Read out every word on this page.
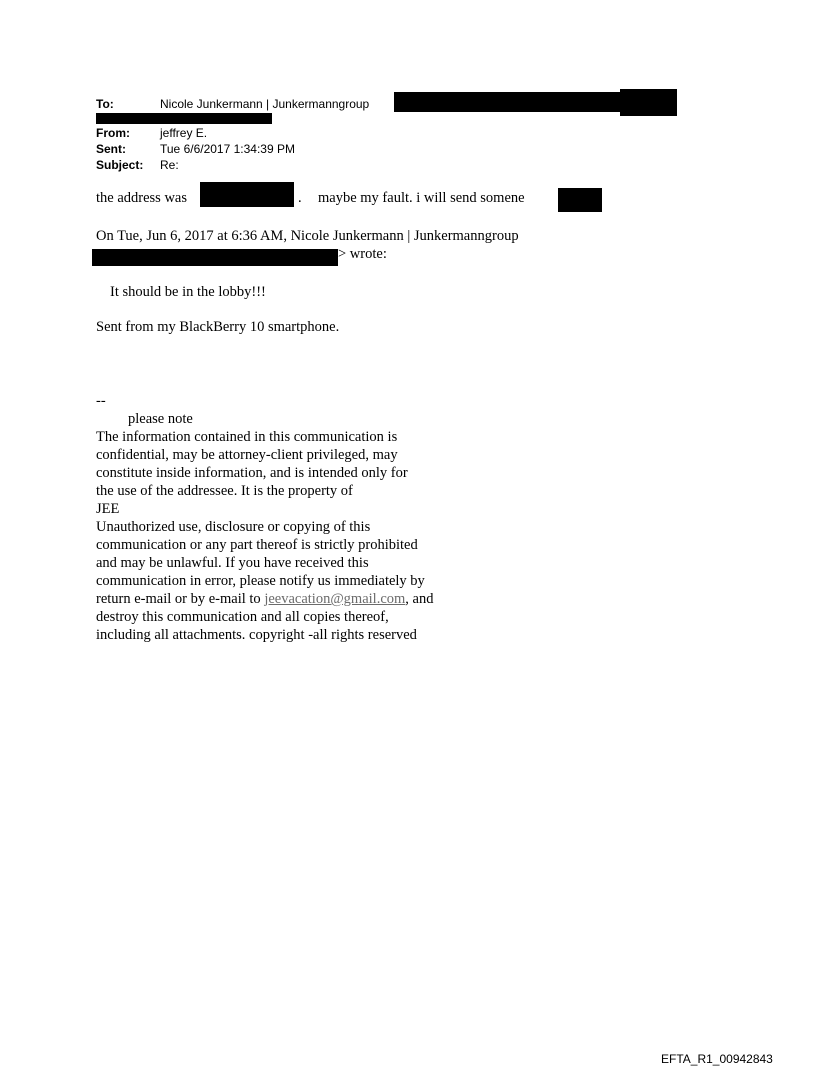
To:	Nicole Junkermann | Junkermanngroup
From:	jeffrey E.
Sent:	Tue 6/6/2017 1:34:39 PM
Subject: Re:
the address was	. maybe my fault. i will send somene
On Tue, Jun 6, 2017 at 6:36 AM, Nicole Junkermann | Junkermanngroup
> wrote:
It should be in the lobby!!!
Sent from my BlackBerry 10 smartphone.
--
please note
The information contained in this communication is
confidential, may be attorney-client privileged, may
constitute inside information, and is intended only for
the use of the addressee. It is the property of
JEE
Unauthorized use, disclosure or copying of this
communication or any part thereof is strictly prohibited
and may be unlawful. If you have received this
communication in error, please notify us immediately by
return e-mail or by e-mail to jeevacation@gmail.com, and
destroy this communication and all copies thereof,
including all attachments. copyright -all rights reserved
EFTA_R1_00942843
